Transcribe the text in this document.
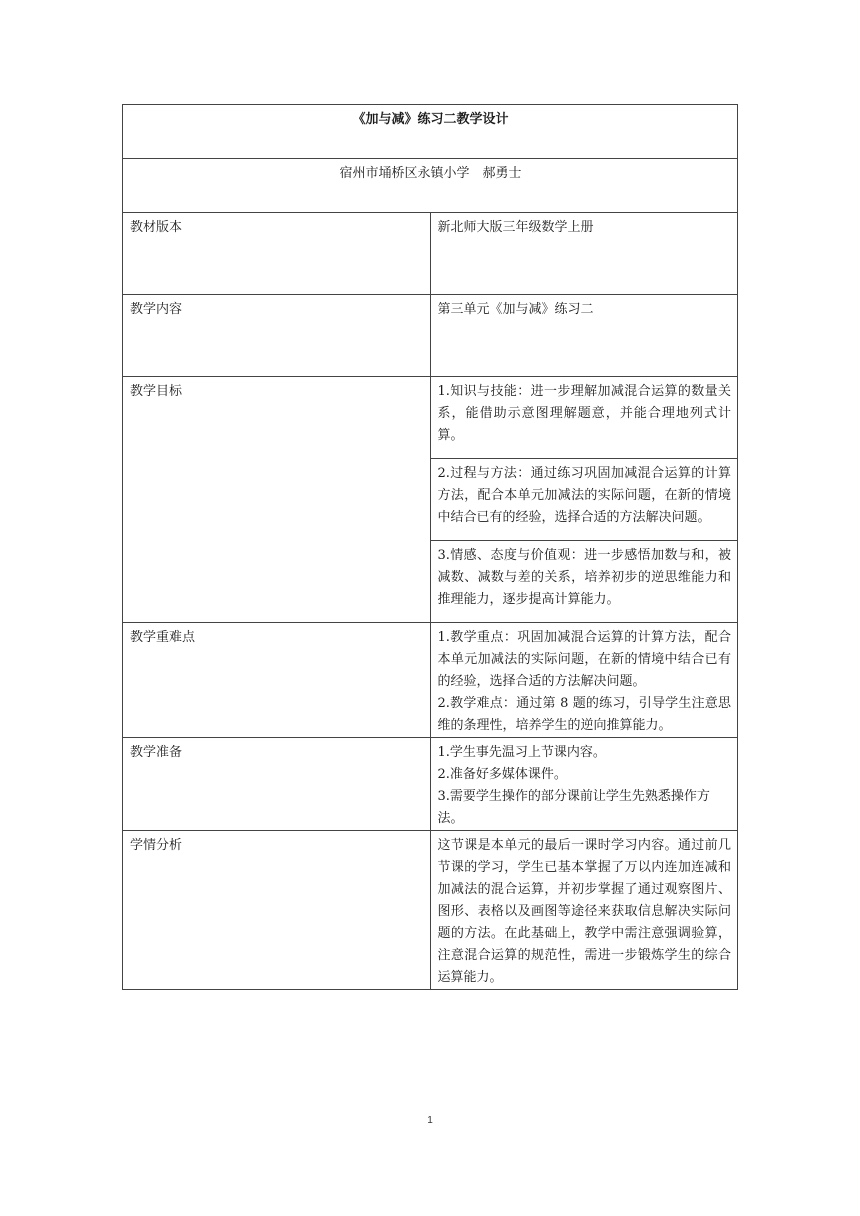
《加与减》练习二教学设计	
宿州市埇桥区永镇小学　郝勇士	
教材版本	新北师大版三年级数学上册
教学内容	第三单元《加与减》练习二
教学目标	1.知识与技能：进一步理解加减混合运算的数量关系，能借助示意图理解题意，并能合理地列式计算。
	2.过程与方法：通过练习巩固加减混合运算的计算方法，配合本单元加减法的实际问题，在新的情境中结合已有的经验，选择合适的方法解决问题。
	3.情感、态度与价值观：进一步感悟加数与和，被减数、减数与差的关系，培养初步的逆思维能力和推理能力，逐步提高计算能力。
教学重难点	1.教学重点：巩固加减混合运算的计算方法，配合本单元加减法的实际问题，在新的情境中结合已有的经验，选择合适的方法解决问题。
2.教学难点：通过第 8 题的练习，引导学生注意思维的条理性，培养学生的逆向推算能力。

教学准备	1.学生事先温习上节课内容。
2.准备好多媒体课件。
3.需要学生操作的部分课前让学生先熟悉操作方法。

学情分析	这节课是本单元的最后一课时学习内容。通过前几节课的学习，学生已基本掌握了万以内连加连减和加减法的混合运算，并初步掌握了通过观察图片、图形、表格以及画图等途径来获取信息解决实际问题的方法。在此基础上，教学中需注意强调验算，注意混合运算的规范性，需进一步锻炼学生的综合运算能力。
1
